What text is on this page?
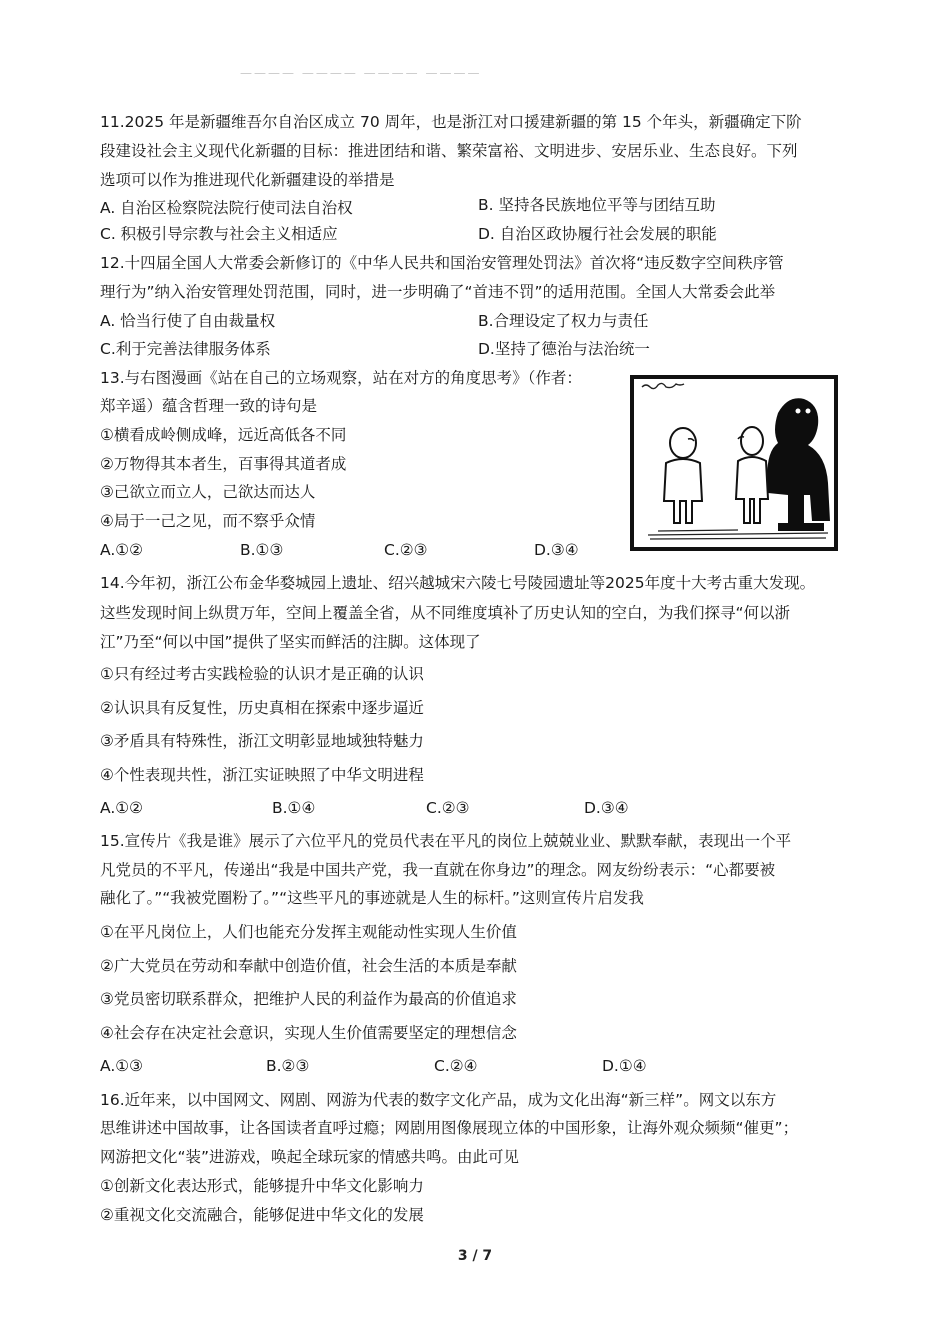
———— ———— ———— ————
11.2025 年是新疆维吾尔自治区成立 70 周年，也是浙江对口援建新疆的第 15 个年头，新疆确定下阶
段建设社会主义现代化新疆的目标：推进团结和谐、繁荣富裕、文明进步、安居乐业、生态良好。下列
选项可以作为推进现代化新疆建设的举措是
A. 自治区检察院法院行使司法自治权	B. 坚持各民族地位平等与团结互助
C. 积极引导宗教与社会主义相适应	D. 自治区政协履行社会发展的职能
12.十四届全国人大常委会新修订的《中华人民共和国治安管理处罚法》首次将“违反数字空间秩序管
理行为”纳入治安管理处罚范围，同时，进一步明确了“首违不罚”的适用范围。全国人大常委会此举
A. 恰当行使了自由裁量权	B.合理设定了权力与责任
C.利于完善法律服务体系	D.坚持了德治与法治统一
13.与右图漫画《站在自己的立场观察，站在对方的角度思考》（作者：
郑辛遥）蕴含哲理一致的诗句是
①横看成岭侧成峰，远近高低各不同
②万物得其本者生，百事得其道者成
③己欲立而立人，己欲达而达人
④局于一己之见，而不察乎众情
A.①②	B.①③	C.②③	D.③④
14.今年初，浙江公布金华婺城园上遗址、绍兴越城宋六陵七号陵园遗址等2025年度十大考古重大发现。
这些发现时间上纵贯万年，空间上覆盖全省，从不同维度填补了历史认知的空白，为我们探寻“何以浙
江”乃至“何以中国”提供了坚实而鲜活的注脚。这体现了
①只有经过考古实践检验的认识才是正确的认识
②认识具有反复性，历史真相在探索中逐步逼近
③矛盾具有特殊性，浙江文明彰显地域独特魅力
④个性表现共性，浙江实证映照了中华文明进程
A.①②	B.①④	C.②③	D.③④
15.宣传片《我是谁》展示了六位平凡的党员代表在平凡的岗位上兢兢业业、默默奉献，表现出一个平
凡党员的不平凡，传递出“我是中国共产党，我一直就在你身边”的理念。网友纷纷表示：“心都要被
融化了。”“我被党圈粉了。”“这些平凡的事迹就是人生的标杆。”这则宣传片启发我
①在平凡岗位上，人们也能充分发挥主观能动性实现人生价值
②广大党员在劳动和奉献中创造价值，社会生活的本质是奉献
③党员密切联系群众，把维护人民的利益作为最高的价值追求
④社会存在决定社会意识，实现人生价值需要坚定的理想信念
A.①③	B.②③	C.②④	D.①④
16.近年来，以中国网文、网剧、网游为代表的数字文化产品，成为文化出海“新三样”。网文以东方
思维讲述中国故事，让各国读者直呼过瘾；网剧用图像展现立体的中国形象，让海外观众频频“催更”；
网游把文化“装”进游戏，唤起全球玩家的情感共鸣。由此可见
①创新文化表达形式，能够提升中华文化影响力
②重视文化交流融合，能够促进中华文化的发展
3 / 7
